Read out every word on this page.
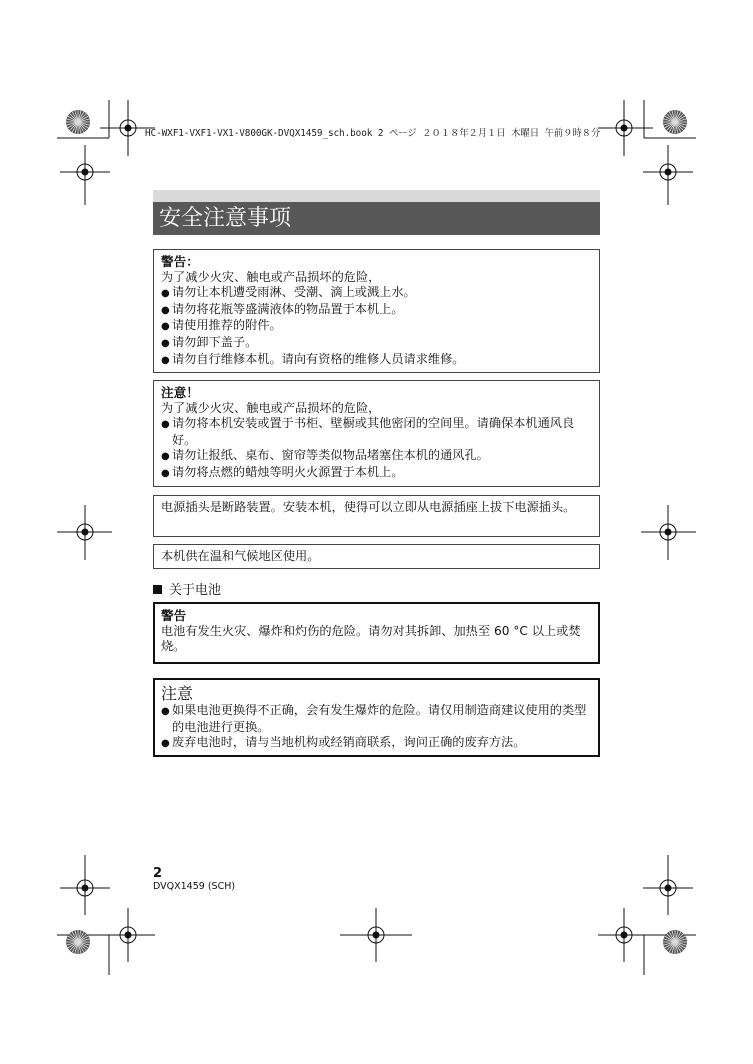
HC-WXF1-VXF1-VX1-V800GK-DVQX1459_sch.book 2 ページ ２０１８年２月１日 木曜日 午前９時８分
安全注意事项
警告：
为了减少火灾、触电或产品损坏的危险，
● 请勿让本机遭受雨淋、受潮、滴上或溅上水。
● 请勿将花瓶等盛满液体的物品置于本机上。
● 请使用推荐的附件。
● 请勿卸下盖子。
● 请勿自行维修本机。请向有资格的维修人员请求维修。
注意！
为了减少火灾、触电或产品损坏的危险，
● 请勿将本机安装或置于书柜、壁橱或其他密闭的空间里。请确保本机通风良好。
● 请勿让报纸、桌布、窗帘等类似物品堵塞住本机的通风孔。
● 请勿将点燃的蜡烛等明火火源置于本机上。
电源插头是断路装置。安装本机，使得可以立即从电源插座上拔下电源插头。
本机供在温和气候地区使用。
关于电池
警告
电池有发生火灾、爆炸和灼伤的危险。请勿对其拆卸、加热至 60 °C 以上或焚烧。
注意
● 如果电池更换得不正确，会有发生爆炸的危险。请仅用制造商建议使用的类型的电池进行更换。
● 废弃电池时，请与当地机构或经销商联系，询问正确的废弃方法。
2
DVQX1459 (SCH)
